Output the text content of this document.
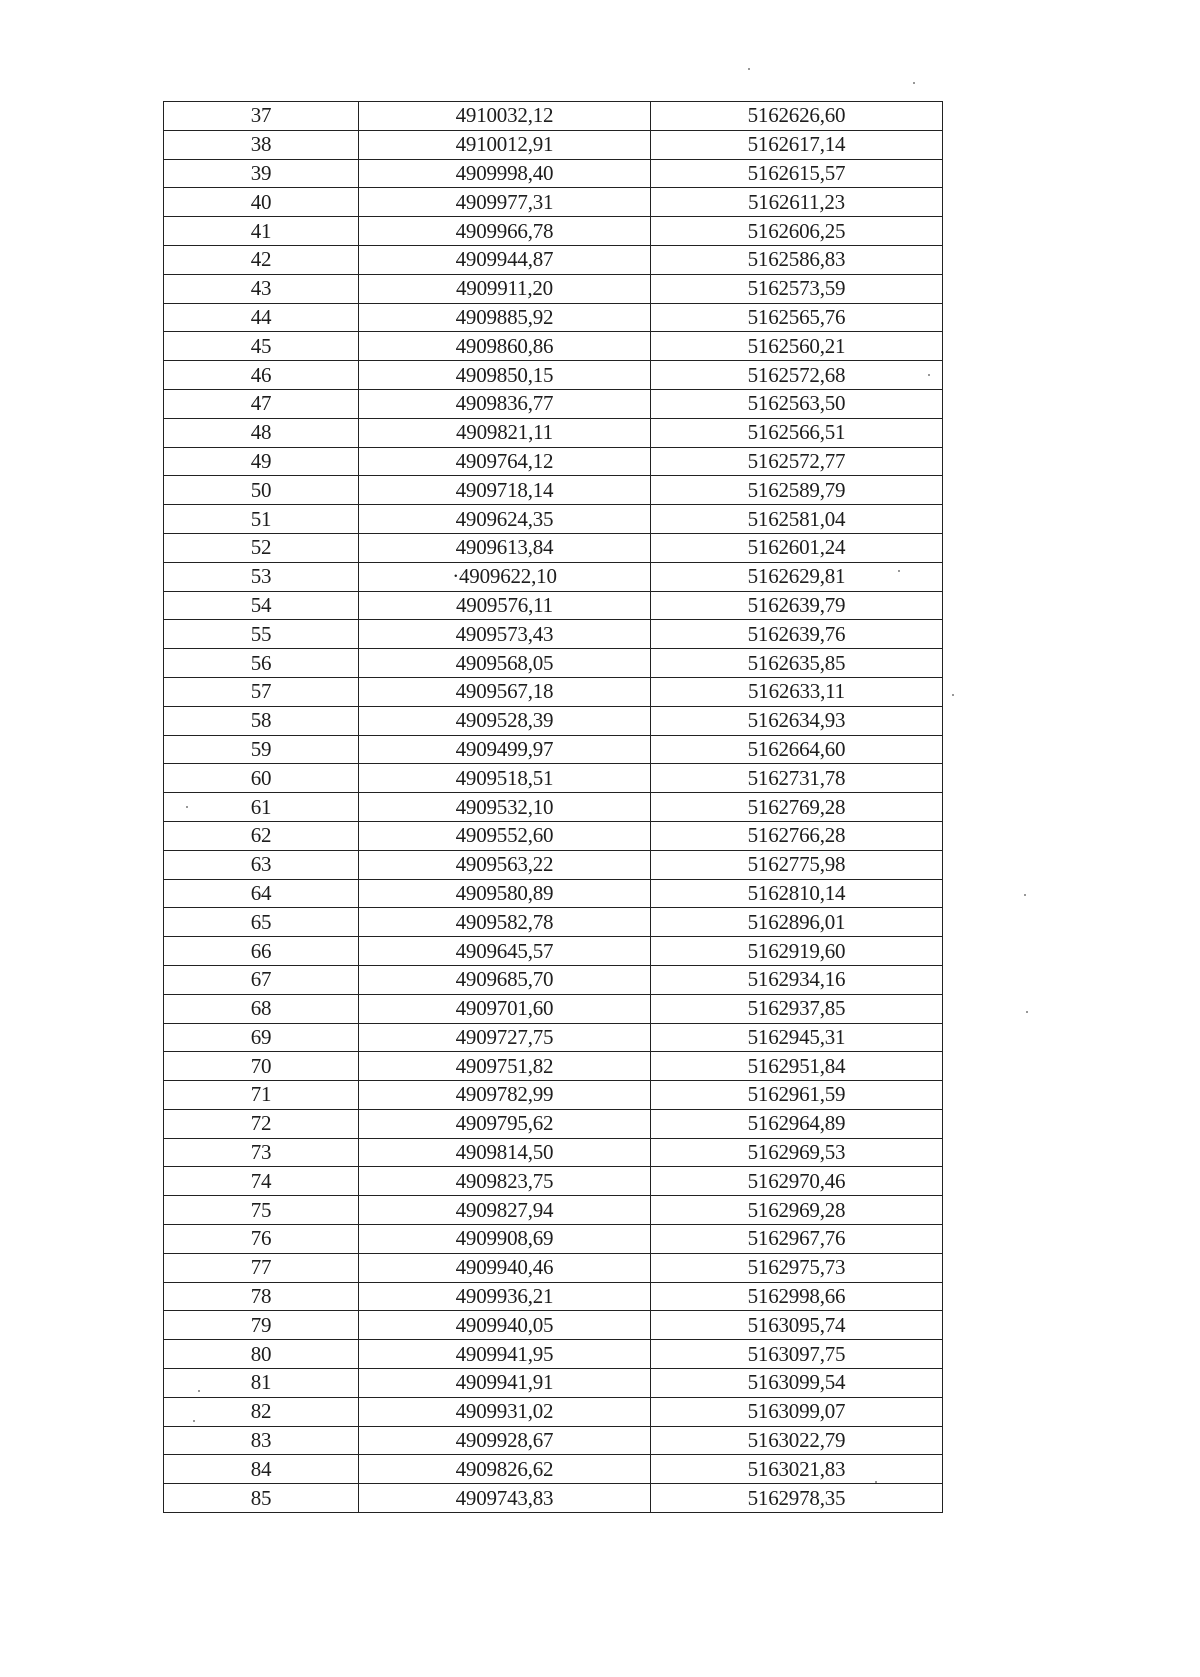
37	4910032,12	5162626,60
38	4910012,91	5162617,14
39	4909998,40	5162615,57
40	4909977,31	5162611,23
41	4909966,78	5162606,25
42	4909944,87	5162586,83
43	4909911,20	5162573,59
44	4909885,92	5162565,76
45	4909860,86	5162560,21
46	4909850,15	5162572,68
47	4909836,77	5162563,50
48	4909821,11	5162566,51
49	4909764,12	5162572,77
50	4909718,14	5162589,79
51	4909624,35	5162581,04
52	4909613,84	5162601,24
53	·4909622,10	5162629,81
54	4909576,11	5162639,79
55	4909573,43	5162639,76
56	4909568,05	5162635,85
57	4909567,18	5162633,11
58	4909528,39	5162634,93
59	4909499,97	5162664,60
60	4909518,51	5162731,78
61	4909532,10	5162769,28
62	4909552,60	5162766,28
63	4909563,22	5162775,98
64	4909580,89	5162810,14
65	4909582,78	5162896,01
66	4909645,57	5162919,60
67	4909685,70	5162934,16
68	4909701,60	5162937,85
69	4909727,75	5162945,31
70	4909751,82	5162951,84
71	4909782,99	5162961,59
72	4909795,62	5162964,89
73	4909814,50	5162969,53
74	4909823,75	5162970,46
75	4909827,94	5162969,28
76	4909908,69	5162967,76
77	4909940,46	5162975,73
78	4909936,21	5162998,66
79	4909940,05	5163095,74
80	4909941,95	5163097,75
81	4909941,91	5163099,54
82	4909931,02	5163099,07
83	4909928,67	5163022,79
84	4909826,62	5163021,83
85	4909743,83	5162978,35
